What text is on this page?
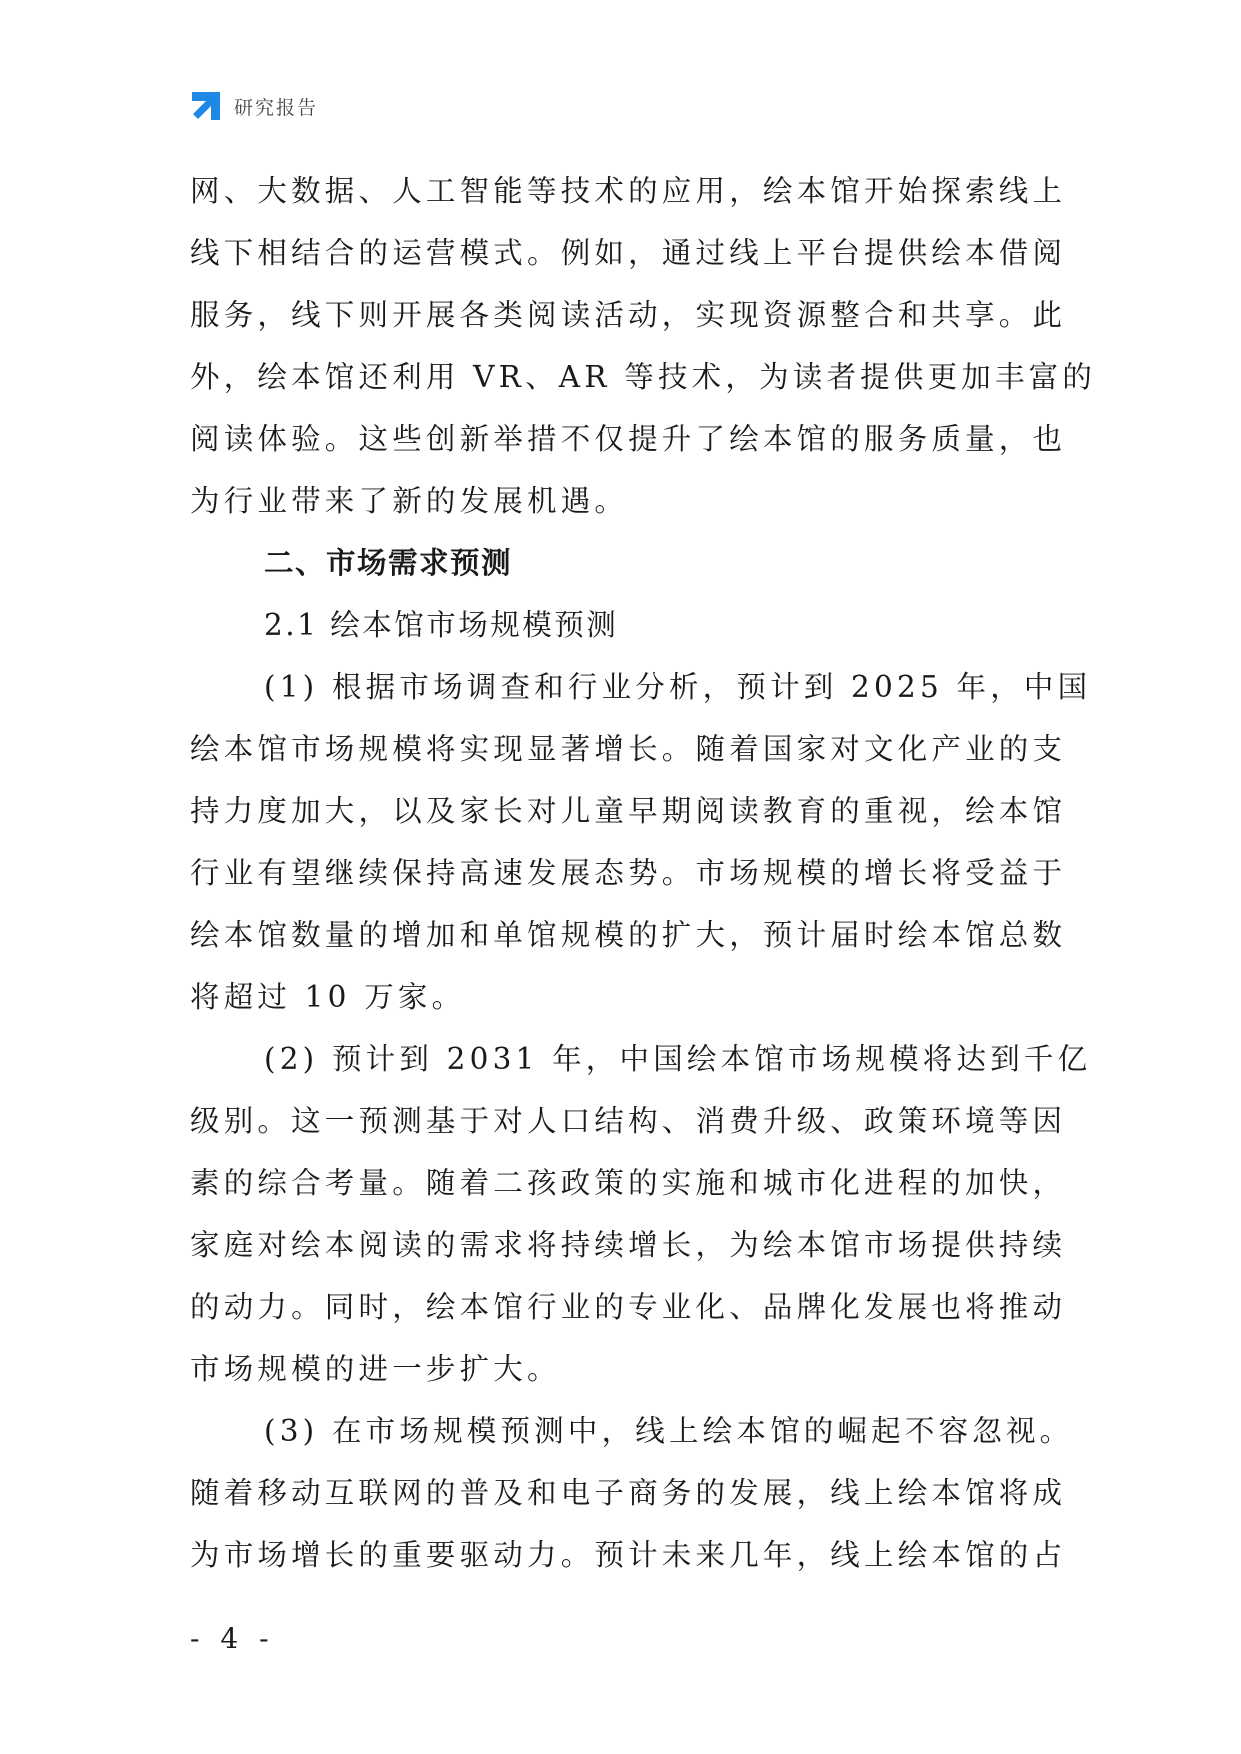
研究报告
网、大数据、人工智能等技术的应用，绘本馆开始探索线上
线下相结合的运营模式。例如，通过线上平台提供绘本借阅
服务，线下则开展各类阅读活动，实现资源整合和共享。此
外，绘本馆还利用 VR、AR 等技术，为读者提供更加丰富的
阅读体验。这些创新举措不仅提升了绘本馆的服务质量，也
为行业带来了新的发展机遇。
二、市场需求预测
2.1 绘本馆市场规模预测
(1) 根据市场调查和行业分析，预计到 2025 年，中国
绘本馆市场规模将实现显著增长。随着国家对文化产业的支
持力度加大，以及家长对儿童早期阅读教育的重视，绘本馆
行业有望继续保持高速发展态势。市场规模的增长将受益于
绘本馆数量的增加和单馆规模的扩大，预计届时绘本馆总数
将超过 10 万家。
(2) 预计到 2031 年，中国绘本馆市场规模将达到千亿
级别。这一预测基于对人口结构、消费升级、政策环境等因
素的综合考量。随着二孩政策的实施和城市化进程的加快，
家庭对绘本阅读的需求将持续增长，为绘本馆市场提供持续
的动力。同时，绘本馆行业的专业化、品牌化发展也将推动
市场规模的进一步扩大。
(3) 在市场规模预测中，线上绘本馆的崛起不容忽视。
随着移动互联网的普及和电子商务的发展，线上绘本馆将成
为市场增长的重要驱动力。预计未来几年，线上绘本馆的占
- 4 -
